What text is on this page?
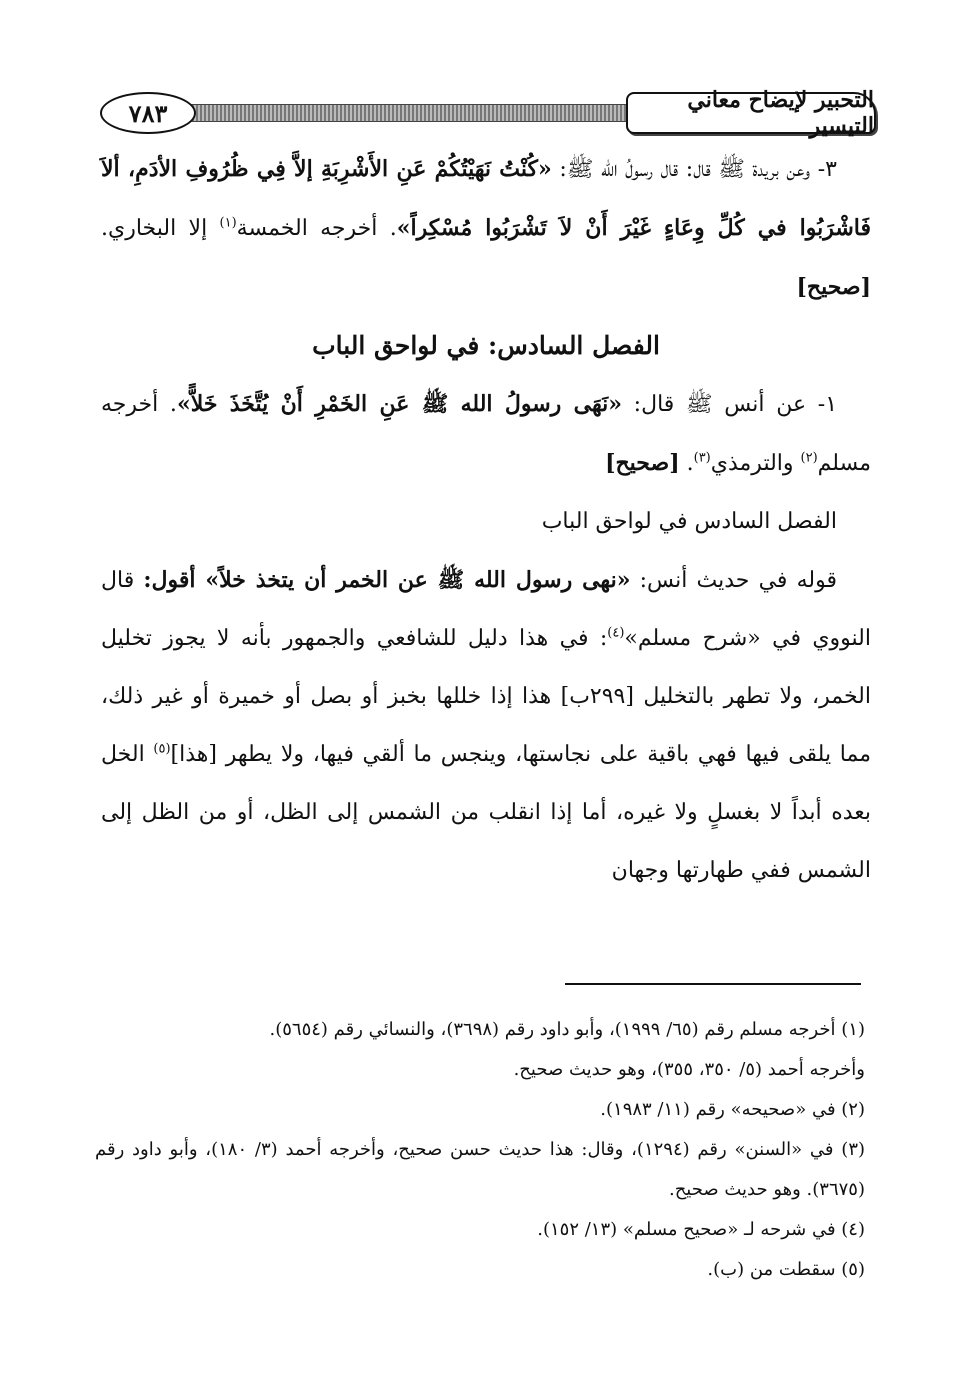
التحبير لإيضاح معاني التيسير
٧٨٣

٣- وعن بريدة ﷺ قال: قال رسولُ الله ﷺ: «كُنْتُ نَهَيْتُكُمْ عَنِ الأَشْرِبَةِ إلاَّ فِي ظُرُوفِ الأدَمِ، ألاَ فَاشْرَبُوا في كُلِّ وِعَاءٍ غَيْرَ أَنْ لاَ تَشْرَبُوا مُسْكِراً». أخرجه الخمسة$^{(١)}$ إلا البخاري. [صحيح]

الفصل السادس: في لواحق الباب

١- عن أنس ﷺ قال: «نَهَى رسولُ الله ﷺ عَنِ الخَمْرِ أَنْ يُتَّخَذَ خَلاًّ». أخرجه مسلم$^{(٢)}$ والترمذي$^{(٣)}$. [صحيح]

الفصل السادس في لواحق الباب

قوله في حديث أنس: «نهى رسول الله ﷺ عن الخمر أن يتخذ خلاً» أقول: قال النووي في «شرح مسلم»$^{(٤)}$: في هذا دليل للشافعي والجمهور بأنه لا يجوز تخليل الخمر، ولا تطهر بالتخليل [٢٩٩ب] هذا إذا خللها بخبز أو بصل أو خميرة أو غير ذلك، مما يلقى فيها فهي باقية على نجاستها، وينجس ما ألقي فيها، ولا يطهر [هذا]$^{(٥)}$ الخل بعده أبداً لا بغسلٍ ولا غيره، أما إذا انقلب من الشمس إلى الظل، أو من الظل إلى الشمس ففي طهارتها وجهان

(١) أخرجه مسلم رقم (٦٥/ ١٩٩٩)، وأبو داود رقم (٣٦٩٨)، والنسائي رقم (٥٦٥٤).

وأخرجه أحمد (٥/ ٣٥٠، ٣٥٥)، وهو حديث صحيح.

(٢) في «صحيحه» رقم (١١/ ١٩٨٣).

(٣) في «السنن» رقم (١٢٩٤)، وقال: هذا حديث حسن صحيح، وأخرجه أحمد (٣/ ١٨٠)، وأبو داود رقم (٣٦٧٥). وهو حديث صحيح.

(٤) في شرحه لـ «صحيح مسلم» (١٣/ ١٥٢).

(٥) سقطت من (ب).
